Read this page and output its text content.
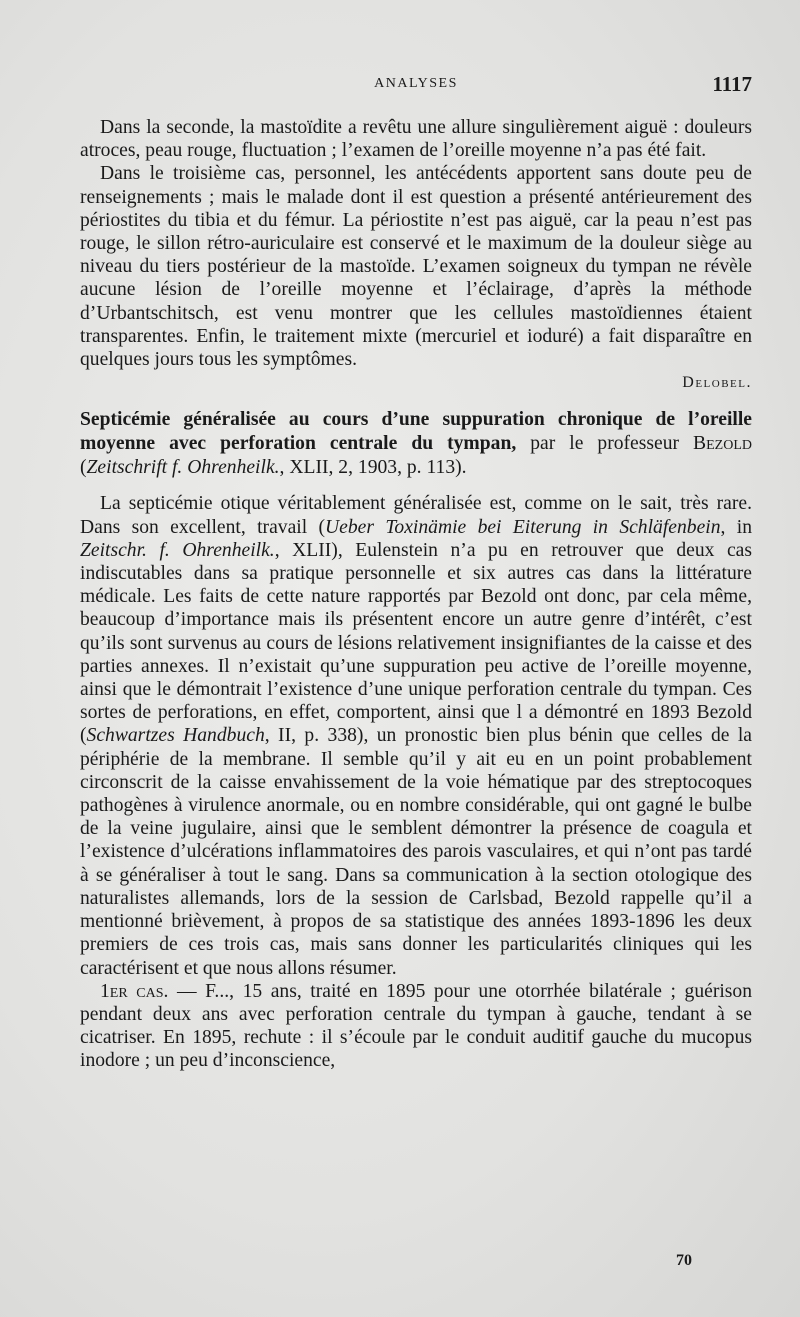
ANALYSES	1117

Dans la seconde, la mastoïdite a revêtu une allure singulièrement aiguë : douleurs atroces, peau rouge, fluctuation ; l’examen de l’oreille moyenne n’a pas été fait.

Dans le troisième cas, personnel, les antécédents apportent sans doute peu de renseignements ; mais le malade dont il est question a présenté antérieurement des périostites du tibia et du fémur. La périostite n’est pas aiguë, car la peau n’est pas rouge, le sillon rétro-auriculaire est conservé et le maximum de la douleur siège au niveau du tiers postérieur de la mastoïde. L’examen soigneux du tympan ne révèle aucune lésion de l’oreille moyenne et l’éclairage, d’après la méthode d’Urbantschitsch, est venu montrer que les cellules mastoïdiennes étaient transparentes. Enfin, le traitement mixte (mercuriel et ioduré) a fait disparaître en quelques jours tous les symptômes.

Delobel.

Septicémie généralisée au cours d’une suppuration chronique de l’oreille moyenne avec perforation centrale du tympan, par le professeur Bezold (Zeitschrift f. Ohrenheilk., XLII, 2, 1903, p. 113).

La septicémie otique véritablement généralisée est, comme on le sait, très rare. Dans son excellent, travail (Ueber Toxinämie bei Eiterung in Schläfenbein, in Zeitschr. f. Ohrenheilk., XLII), Eulenstein n’a pu en retrouver que deux cas indiscutables dans sa pratique personnelle et six autres cas dans la littérature médicale. Les faits de cette nature rapportés par Bezold ont donc, par cela même, beaucoup d’importance mais ils présentent encore un autre genre d’intérêt, c’est qu’ils sont survenus au cours de lésions relativement insignifiantes de la caisse et des parties annexes. Il n’existait qu’une suppuration peu active de l’oreille moyenne, ainsi que le démontrait l’existence d’une unique perforation centrale du tympan. Ces sortes de perforations, en effet, comportent, ainsi que l a démontré en 1893 Bezold (Schwartzes Handbuch, II, p. 338), un pronostic bien plus bénin que celles de la périphérie de la membrane. Il semble qu’il y ait eu en un point probablement circonscrit de la caisse envahissement de la voie hématique par des streptocoques pathogènes à virulence anormale, ou en nombre considérable, qui ont gagné le bulbe de la veine jugulaire, ainsi que le semblent démontrer la présence de coagula et l’existence d’ulcérations inflammatoires des parois vasculaires, et qui n’ont pas tardé à se généraliser à tout le sang. Dans sa communication à la section otologique des naturalistes allemands, lors de la session de Carlsbad, Bezold rappelle qu’il a mentionné brièvement, à propos de sa statistique des années 1893-1896 les deux premiers de ces trois cas, mais sans donner les particularités cliniques qui les caractérisent et que nous allons résumer.

1er cas. — F..., 15 ans, traité en 1895 pour une otorrhée bilatérale ; guérison pendant deux ans avec perforation centrale du tympan à gauche, tendant à se cicatriser. En 1895, rechute : il s’écoule par le conduit auditif gauche du mucopus inodore ; un peu d’inconscience,

70
